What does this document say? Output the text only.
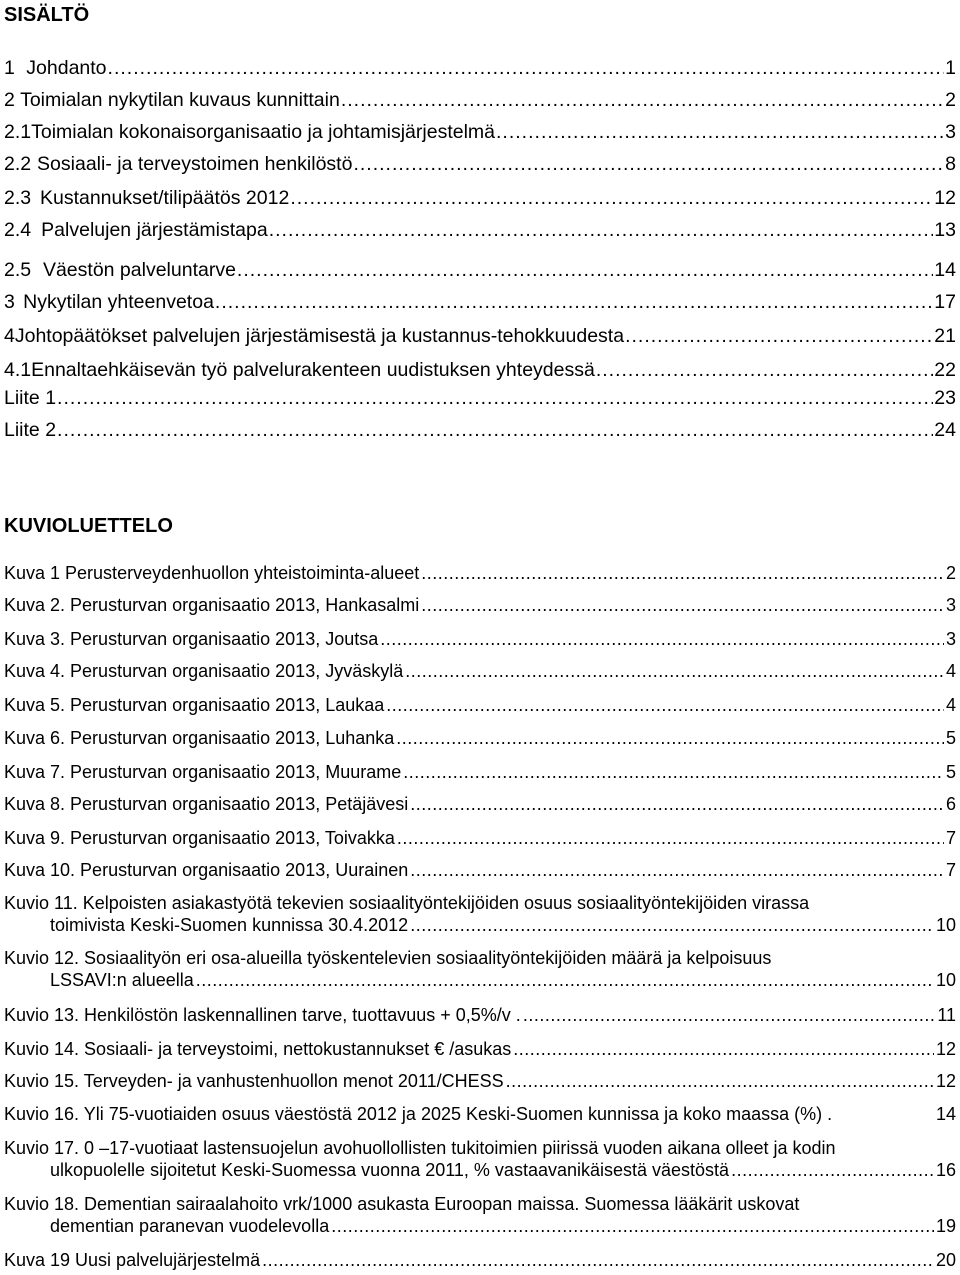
SISÄLTÖ
1 Johdanto .....	1
2 Toimialan nykytilan kuvaus kunnittain .....	2
2.1 Toimialan kokonaisorganisaatio ja johtamisjärjestelmä .....	3
2.2 Sosiaali- ja terveystoimen henkilöstö .....	8
2.3 Kustannukset/tilipäätös 2012 .....	12
2.4 Palvelujen järjestämistapa .....	13
2.5 Väestön palveluntarve .....	14
3 Nykytilan yhteenvetoa .....	17
4 Johtopäätökset palvelujen järjestämisestä ja kustannus-tehokkuudesta .....	21
4.1 Ennaltaehkäisevän työ palvelurakenteen uudistuksen yhteydessä .....	22
Liite 1 .....	23
Liite 2 .....	24
KUVIOLUETTELO
Kuva 1 Perusterveydenhuollon yhteistoiminta-alueet .....	2
Kuva 2. Perusturvan organisaatio 2013, Hankasalmi .....	3
Kuva 3. Perusturvan organisaatio 2013, Joutsa .....	3
Kuva 4. Perusturvan organisaatio 2013, Jyväskylä .....	4
Kuva 5. Perusturvan organisaatio 2013, Laukaa .....	4
Kuva 6. Perusturvan organisaatio 2013, Luhanka .....	5
Kuva 7. Perusturvan organisaatio 2013, Muurame .....	5
Kuva 8. Perusturvan organisaatio 2013, Petäjävesi .....	6
Kuva 9. Perusturvan organisaatio 2013, Toivakka .....	7
Kuva 10. Perusturvan organisaatio 2013, Uurainen .....	7
Kuvio 11. Kelpoisten asiakastyötä tekevien sosiaalityöntekijöiden osuus sosiaalityöntekijöiden virassa
toimivista Keski-Suomen kunnissa 30.4.2012 .....	10
Kuvio 12. Sosiaalityön eri osa-alueilla työskentelevien sosiaalityöntekijöiden määrä ja kelpoisuus
LSSAVI:n alueella .....	10
Kuvio 13. Henkilöstön laskennallinen tarve, tuottavuus + 0,5%/v . .....	11
Kuvio 14. Sosiaali- ja terveystoimi, nettokustannukset € /asukas .....	12
Kuvio 15. Terveyden- ja vanhustenhuollon menot 2011/CHESS .....	12
Kuvio 16. Yli 75-vuotiaiden osuus väestöstä 2012 ja 2025 Keski-Suomen kunnissa ja koko maassa (%) .	14
Kuvio 17. 0 –17-vuotiaat lastensuojelun avohuollollisten tukitoimien piirissä vuoden aikana olleet ja kodin
ulkopuolelle sijoitetut Keski-Suomessa vuonna 2011, % vastaavanikäisestä väestöstä .....	16
Kuvio 18. Dementian sairaalahoito vrk/1000 asukasta Euroopan maissa. Suomessa lääkärit uskovat
dementian paranevan vuodelevolla .....	19
Kuva 19 Uusi palvelujärjestelmä .....	20
